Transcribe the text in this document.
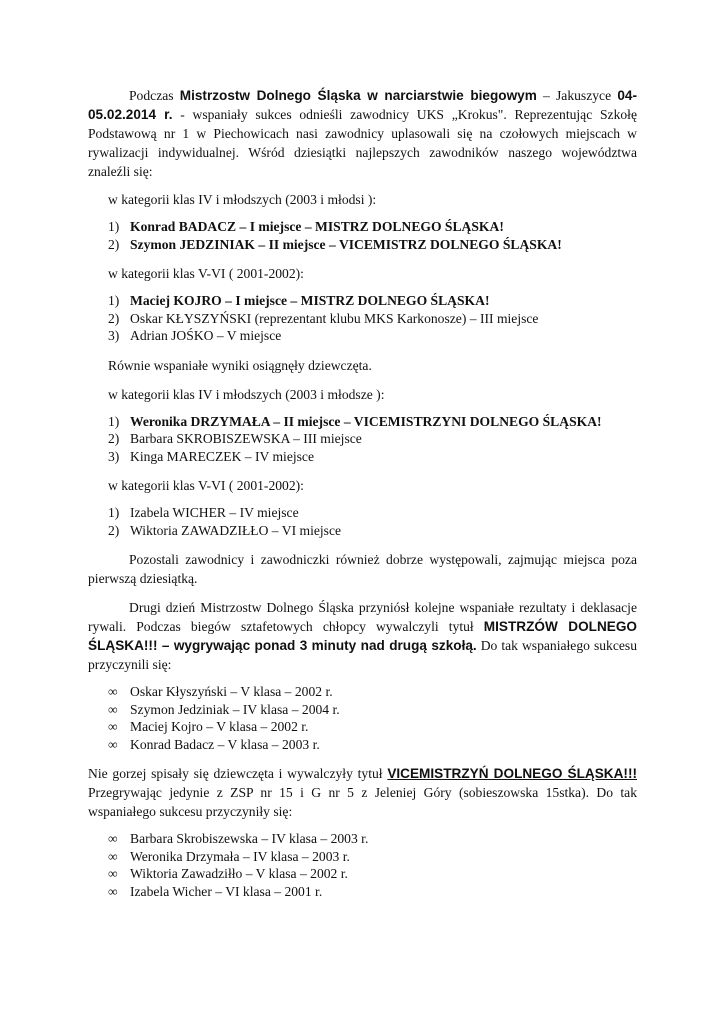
Podczas Mistrzostw Dolnego Śląska w narciarstwie biegowym – Jakuszyce 04-05.02.2014 r. - wspaniały sukces odnieśli zawodnicy UKS „Krokus". Reprezentując Szkołę Podstawową nr 1 w Piechowicach nasi zawodnicy uplasowali się na czołowych miejscach w rywalizacji indywidualnej. Wśród dziesiątki najlepszych zawodników naszego województwa znaleźli się:

w kategorii klas IV i młodszych (2003 i młodsi ):

1) Konrad BADACZ – I miejsce – MISTRZ DOLNEGO ŚLĄSKA!
2) Szymon JEDZINIAK – II miejsce – VICEMISTRZ DOLNEGO ŚLĄSKA!

w kategorii klas V-VI ( 2001-2002):

1) Maciej KOJRO – I miejsce – MISTRZ DOLNEGO ŚLĄSKA!
2) Oskar KŁYSZYŃSKI (reprezentant klubu MKS Karkonosze) – III miejsce
3) Adrian JOŚKO – V miejsce

Równie wspaniałe wyniki osiągnęły dziewczęta.

w kategorii klas IV i młodszych (2003 i młodsze ):

1) Weronika DRZYMAŁA – II miejsce – VICEMISTRZYNI DOLNEGO ŚLĄSKA!
2) Barbara SKROBISZEWSKA – III miejsce
3) Kinga MARECZEK – IV miejsce

w kategorii klas V-VI ( 2001-2002):

1) Izabela WICHER – IV miejsce
2) Wiktoria ZAWADZIŁŁO – VI miejsce

Pozostali zawodnicy i zawodniczki również dobrze występowali, zajmując miejsca poza pierwszą dziesiątką.

Drugi dzień Mistrzostw Dolnego Śląska przyniósł kolejne wspaniałe rezultaty i deklasacje rywali. Podczas biegów sztafetowych chłopcy wywalczyli tytuł MISTRZÓW DOLNEGO ŚLĄSKA!!! – wygrywając ponad 3 minuty nad drugą szkołą. Do tak wspaniałego sukcesu przyczynili się:

∞ Oskar Kłyszyński – V klasa – 2002 r.
∞ Szymon Jedziniak – IV klasa – 2004 r.
∞ Maciej Kojro – V klasa – 2002 r.
∞ Konrad Badacz – V klasa – 2003 r.

Nie gorzej spisały się dziewczęta i wywalczyły tytuł VICEMISTRZYŃ DOLNEGO ŚLĄSKA!!! Przegrywając jedynie z ZSP nr 15 i G nr 5 z Jeleniej Góry (sobieszowska 15stka). Do tak wspaniałego sukcesu przyczyniły się:

∞ Barbara Skrobiszewska – IV klasa – 2003 r.
∞ Weronika Drzymała – IV klasa – 2003 r.
∞ Wiktoria Zawadziłło – V klasa – 2002 r.
∞ Izabela Wicher – VI klasa – 2001 r.
